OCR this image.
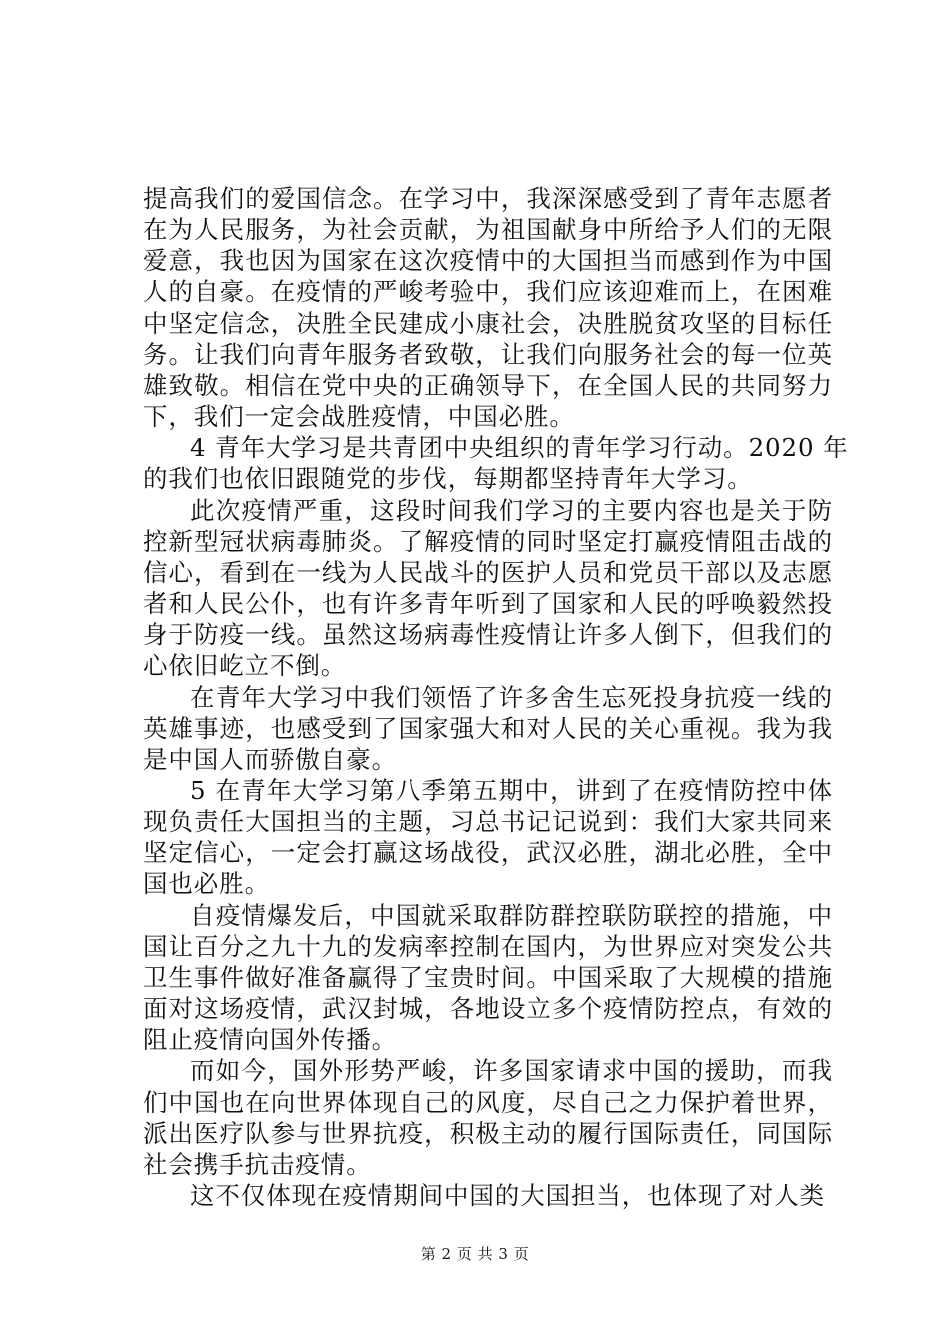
提高我们的爱国信念。在学习中，我深深感受到了青年志愿者
在为人民服务，为社会贡献，为祖国献身中所给予人们的无限
爱意，我也因为国家在这次疫情中的大国担当而感到作为中国
人的自豪。在疫情的严峻考验中，我们应该迎难而上，在困难
中坚定信念，决胜全民建成小康社会，决胜脱贫攻坚的目标任
务。让我们向青年服务者致敬，让我们向服务社会的每一位英
雄致敬。相信在党中央的正确领导下，在全国人民的共同努力
下，我们一定会战胜疫情，中国必胜。
4 青年大学习是共青团中央组织的青年学习行动。2020 年
的我们也依旧跟随党的步伐，每期都坚持青年大学习。
此次疫情严重，这段时间我们学习的主要内容也是关于防
控新型冠状病毒肺炎。了解疫情的同时坚定打赢疫情阻击战的
信心，看到在一线为人民战斗的医护人员和党员干部以及志愿
者和人民公仆，也有许多青年听到了国家和人民的呼唤毅然投
身于防疫一线。虽然这场病毒性疫情让许多人倒下，但我们的
心依旧屹立不倒。
在青年大学习中我们领悟了许多舍生忘死投身抗疫一线的
英雄事迹，也感受到了国家强大和对人民的关心重视。我为我
是中国人而骄傲自豪。
5 在青年大学习第八季第五期中，讲到了在疫情防控中体
现负责任大国担当的主题，习总书记记说到：我们大家共同来
坚定信心，一定会打赢这场战役，武汉必胜，湖北必胜，全中
国也必胜。
自疫情爆发后，中国就采取群防群控联防联控的措施，中
国让百分之九十九的发病率控制在国内，为世界应对突发公共
卫生事件做好准备赢得了宝贵时间。中国采取了大规模的措施
面对这场疫情，武汉封城，各地设立多个疫情防控点，有效的
阻止疫情向国外传播。
而如今，国外形势严峻，许多国家请求中国的援助，而我
们中国也在向世界体现自己的风度，尽自己之力保护着世界，
派出医疗队参与世界抗疫，积极主动的履行国际责任，同国际
社会携手抗击疫情。
这不仅体现在疫情期间中国的大国担当，也体现了对人类
第 2 页 共 3 页
